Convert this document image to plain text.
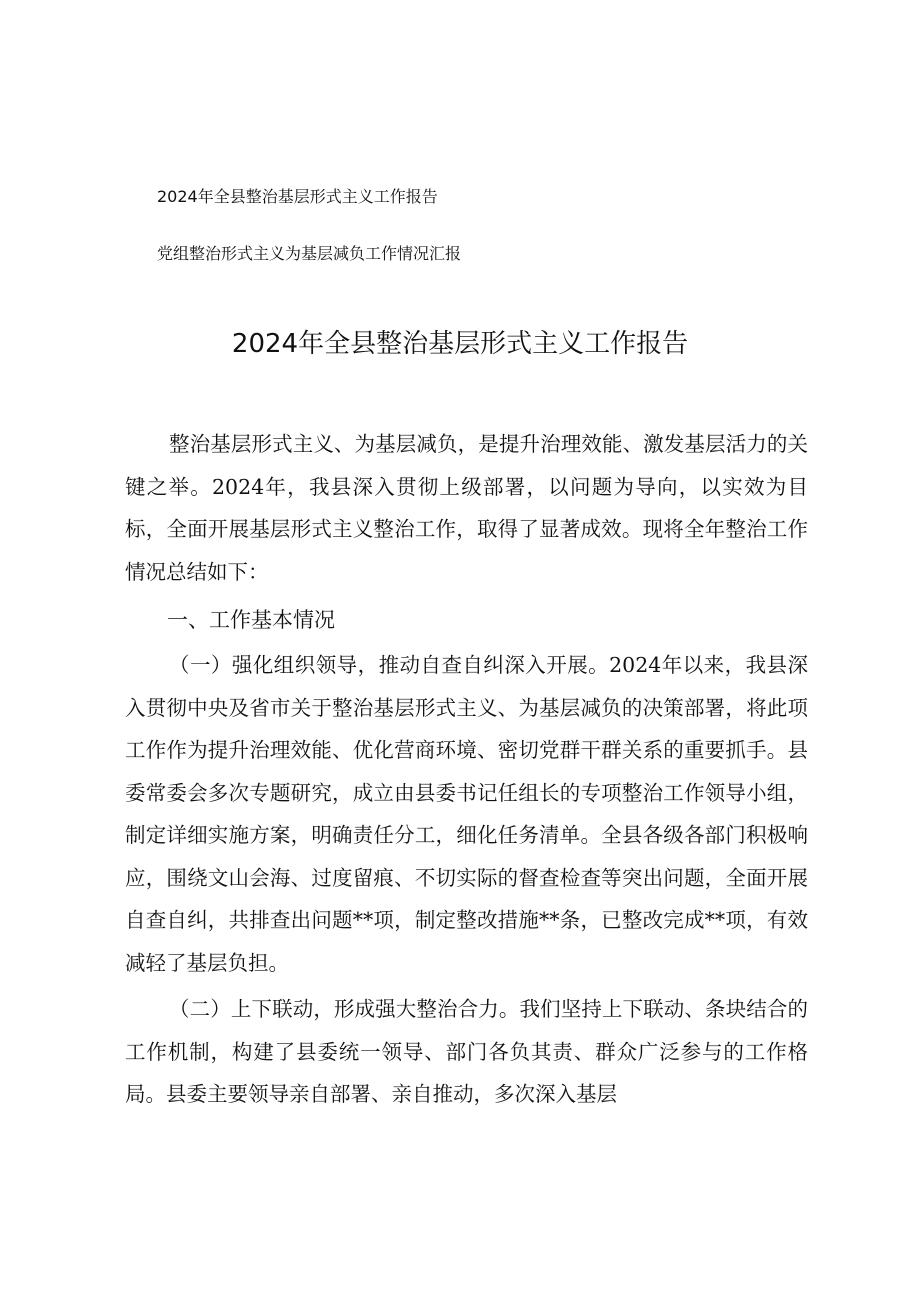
2024年全县整治基层形式主义工作报告

党组整治形式主义为基层减负工作情况汇报

2024年全县整治基层形式主义工作报告

整治基层形式主义、为基层减负，是提升治理效能、激发基层活力的关键之举。2024年，我县深入贯彻上级部署，以问题为导向，以实效为目标，全面开展基层形式主义整治工作，取得了显著成效。现将全年整治工作情况总结如下：

一、工作基本情况

（一）强化组织领导，推动自查自纠深入开展。2024年以来，我县深入贯彻中央及省市关于整治基层形式主义、为基层减负的决策部署，将此项工作作为提升治理效能、优化营商环境、密切党群干群关系的重要抓手。县委常委会多次专题研究，成立由县委书记任组长的专项整治工作领导小组，制定详细实施方案，明确责任分工，细化任务清单。全县各级各部门积极响应，围绕文山会海、过度留痕、不切实际的督查检查等突出问题，全面开展自查自纠，共排查出问题**项，制定整改措施**条，已整改完成**项，有效减轻了基层负担。

（二）上下联动，形成强大整治合力。我们坚持上下联动、条块结合的工作机制，构建了县委统一领导、部门各负其责、群众广泛参与的工作格局。县委主要领导亲自部署、亲自推动，多次深入基层
